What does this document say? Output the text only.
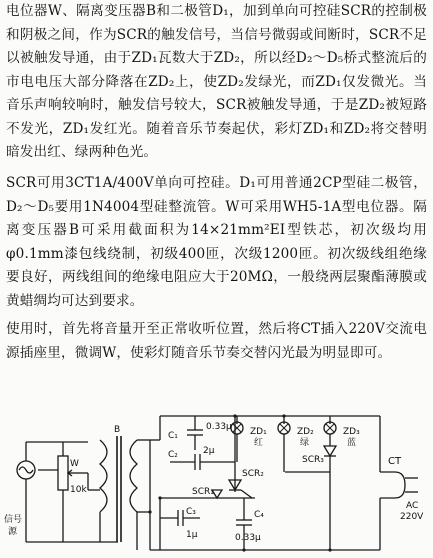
电位器W、隔离变压器B和二极管D₁，加到单向可控硅SCR的控制极和阴极之间，作为SCR的触发信号，当信号微弱或间断时，SCR不足以被触发导通，由于ZD₁瓦数大于ZD₂，所以经D₂～D₅桥式整流后的市电电压大部分降落在ZD₂上，使ZD₂发绿光，而ZD₁仅发微光。当音乐声响较响时，触发信号较大，SCR被触发导通，于是ZD₂被短路不发光，ZD₁发红光。随着音乐节奏起伏，彩灯ZD₁和ZD₂将交替明暗发出红、绿两种色光。

SCR可用3CT1A/400V单向可控硅。D₁可用普通2CP型硅二极管，D₂～D₅要用1N4004型硅整流管。W可采用WH5-1A型电位器。隔离变压器B可采用截面积为14×21mm²EI型铁芯，初次级均用φ0.1mm漆包线绕制，初级400匝，次级1200匝。初次级线组绝缘要良好，两线组间的绝缘电阻应大于20MΩ，一般绕两层聚酯薄膜或黄蜡绸均可达到要求。

使用时，首先将音量开至正常收听位置，然后将CT插入220V交流电源插座里，微调W，使彩灯随音乐节奏交替闪光最为明显即可。

ZD₁
红
ZD₂
绿
ZD₃
蓝
SCR₃
C₁
0.33μ
C₂	2μ
SCR₂
SCR₁
C₃
1μ
C₄
0.33μ
B
W
10k
信号
源
CT
AC
220V
